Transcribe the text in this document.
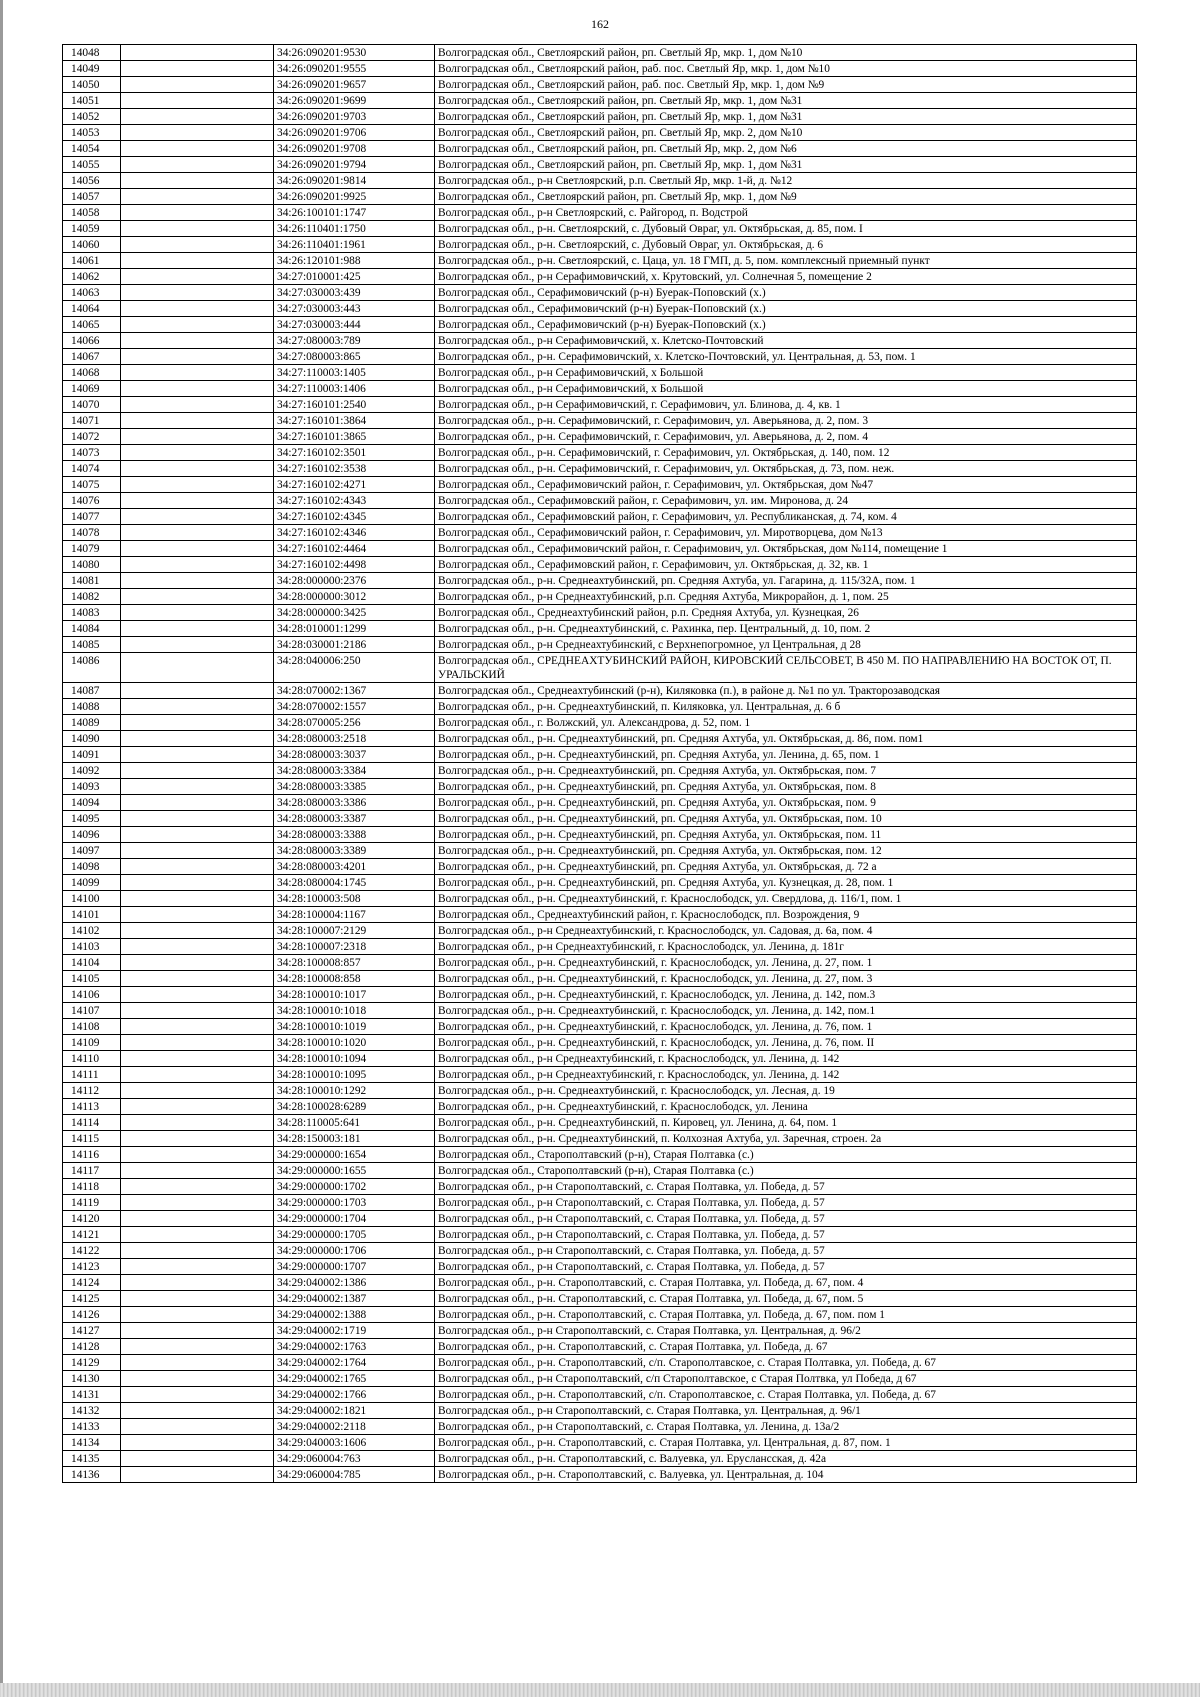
162
14048		34:26:090201:9530	Волгоградская обл., Светлоярский район, рп. Светлый Яр, мкр. 1, дом №10
14049		34:26:090201:9555	Волгоградская обл., Светлоярский район, раб. пос. Светлый Яр, мкр. 1, дом №10
14050		34:26:090201:9657	Волгоградская обл., Светлоярский район, раб. пос. Светлый Яр, мкр. 1, дом №9
14051		34:26:090201:9699	Волгоградская обл., Светлоярский район, рп. Светлый Яр, мкр. 1, дом №31
14052		34:26:090201:9703	Волгоградская обл., Светлоярский район, рп. Светлый Яр, мкр. 1, дом №31
14053		34:26:090201:9706	Волгоградская обл., Светлоярский район, рп. Светлый Яр, мкр. 2, дом №10
14054		34:26:090201:9708	Волгоградская обл., Светлоярский район, рп. Светлый Яр, мкр. 2, дом №6
14055		34:26:090201:9794	Волгоградская обл., Светлоярский район, рп. Светлый Яр, мкр. 1, дом №31
14056		34:26:090201:9814	Волгоградская обл., р-н Светлоярский, р.п. Светлый Яр, мкр. 1-й, д. №12
14057		34:26:090201:9925	Волгоградская обл., Светлоярский район, рп. Светлый Яр, мкр. 1, дом №9
14058		34:26:100101:1747	Волгоградская обл., р-н Светлоярский, с. Райгород, п. Водстрой
14059		34:26:110401:1750	Волгоградская обл., р-н. Светлоярский, с. Дубовый Овраг, ул. Октябрьская, д. 85, пом. I
14060		34:26:110401:1961	Волгоградская обл., р-н. Светлоярский, с. Дубовый Овраг, ул. Октябрьская, д. 6
14061		34:26:120101:988	Волгоградская обл., р-н. Светлоярский, с. Цаца, ул. 18 ГМП, д. 5, пом. комплексный приемный пункт
14062		34:27:010001:425	Волгоградская обл., р-н Серафимовичский, х. Крутовский, ул. Солнечная 5, помещение 2
14063		34:27:030003:439	Волгоградская обл., Серафимовичский (р-н) Буерак-Поповский (х.)
14064		34:27:030003:443	Волгоградская обл., Серафимовичский (р-н) Буерак-Поповский (х.)
14065		34:27:030003:444	Волгоградская обл., Серафимовичский (р-н) Буерак-Поповский (х.)
14066		34:27:080003:789	Волгоградская обл., р-н Серафимовичский, х. Клетско-Почтовский
14067		34:27:080003:865	Волгоградская обл., р-н. Серафимовичский, х. Клетско-Почтовский, ул. Центральная, д. 53, пом. 1
14068		34:27:110003:1405	Волгоградская обл., р-н Серафимовичский, х Большой
14069		34:27:110003:1406	Волгоградская обл., р-н Серафимовичский, х Большой
14070		34:27:160101:2540	Волгоградская обл., р-н Серафимовичский, г. Серафимович, ул. Блинова, д. 4, кв. 1
14071		34:27:160101:3864	Волгоградская обл., р-н. Серафимовичский, г. Серафимович, ул. Аверьянова, д. 2, пом. 3
14072		34:27:160101:3865	Волгоградская обл., р-н. Серафимовичский, г. Серафимович, ул. Аверьянова, д. 2, пом. 4
14073		34:27:160102:3501	Волгоградская обл., р-н. Серафимовичский, г. Серафимович, ул. Октябрьская, д. 140, пом. 12
14074		34:27:160102:3538	Волгоградская обл., р-н. Серафимовичский, г. Серафимович, ул. Октябрьская, д. 73, пом. неж.
14075		34:27:160102:4271	Волгоградская обл., Серафимовичский район, г. Серафимович, ул. Октябрьская, дом №47
14076		34:27:160102:4343	Волгоградская обл., Серафимовский район, г. Серафимович, ул. им. Миронова, д. 24
14077		34:27:160102:4345	Волгоградская обл., Серафимовский район, г. Серафимович, ул. Республиканская, д. 74, ком. 4
14078		34:27:160102:4346	Волгоградская обл., Серафимовичский район, г. Серафимович, ул. Миротворцева, дом №13
14079		34:27:160102:4464	Волгоградская обл., Серафимовичский район, г. Серафимович, ул. Октябрьская, дом №114, помещение 1
14080		34:27:160102:4498	Волгоградская обл., Серафимовский район, г. Серафимович, ул. Октябрьская, д. 32, кв. 1
14081		34:28:000000:2376	Волгоградская обл., р-н. Среднеахтубинский, рп. Средняя Ахтуба, ул. Гагарина, д. 115/32А, пом. 1
14082		34:28:000000:3012	Волгоградская обл., р-н Среднеахтубинский, р.п. Средняя Ахтуба, Микрорайон, д. 1, пом. 25
14083		34:28:000000:3425	Волгоградская обл., Среднеахтубинский район, р.п. Средняя Ахтуба, ул. Кузнецкая, 26
14084		34:28:010001:1299	Волгоградская обл., р-н. Среднеахтубинский, с. Рахинка, пер. Центральный, д. 10, пом. 2
14085		34:28:030001:2186	Волгоградская обл., р-н Среднеахтубинский, с Верхнепогромное, ул Центральная, д 28
14086		34:28:040006:250	Волгоградская обл., СРЕДНЕАХТУБИНСКИЙ РАЙОН, КИРОВСКИЙ СЕЛЬСОВЕТ, В 450 М. ПО НАПРАВЛЕНИЮ НА ВОСТОК ОТ, П. УРАЛЬСКИЙ
14087		34:28:070002:1367	Волгоградская обл., Среднеахтубинский (р-н), Киляковка (п.), в районе д. №1 по ул. Тракторозаводская
14088		34:28:070002:1557	Волгоградская обл., р-н. Среднеахтубинский, п. Киляковка, ул. Центральная, д. 6 б
14089		34:28:070005:256	Волгоградская обл., г. Волжский, ул. Александрова, д. 52, пом. 1
14090		34:28:080003:2518	Волгоградская обл., р-н. Среднеахтубинский, рп. Средняя Ахтуба, ул. Октябрьская, д. 86, пом. пом1
14091		34:28:080003:3037	Волгоградская обл., р-н. Среднеахтубинский, рп. Средняя Ахтуба, ул. Ленина, д. 65, пом. 1
14092		34:28:080003:3384	Волгоградская обл., р-н. Среднеахтубинский, рп. Средняя Ахтуба, ул. Октябрьская, пом. 7
14093		34:28:080003:3385	Волгоградская обл., р-н. Среднеахтубинский, рп. Средняя Ахтуба, ул. Октябрьская, пом. 8
14094		34:28:080003:3386	Волгоградская обл., р-н. Среднеахтубинский, рп. Средняя Ахтуба, ул. Октябрьская, пом. 9
14095		34:28:080003:3387	Волгоградская обл., р-н. Среднеахтубинский, рп. Средняя Ахтуба, ул. Октябрьская, пом. 10
14096		34:28:080003:3388	Волгоградская обл., р-н. Среднеахтубинский, рп. Средняя Ахтуба, ул. Октябрьская, пом. 11
14097		34:28:080003:3389	Волгоградская обл., р-н. Среднеахтубинский, рп. Средняя Ахтуба, ул. Октябрьская, пом. 12
14098		34:28:080003:4201	Волгоградская обл., р-н. Среднеахтубинский, рп. Средняя Ахтуба, ул. Октябрьская, д. 72 а
14099		34:28:080004:1745	Волгоградская обл., р-н. Среднеахтубинский, рп. Средняя Ахтуба, ул. Кузнецкая, д. 28, пом. 1
14100		34:28:100003:508	Волгоградская обл., р-н. Среднеахтубинский, г. Краснослободск, ул. Свердлова, д. 116/1, пом. 1
14101		34:28:100004:1167	Волгоградская обл., Среднеахтубинский район, г. Краснослободск, пл. Возрождения, 9
14102		34:28:100007:2129	Волгоградская обл., р-н Среднеахтубинский, г. Краснослободск, ул. Садовая, д. 6а, пом. 4
14103		34:28:100007:2318	Волгоградская обл., р-н Среднеахтубинский, г. Краснослободск, ул. Ленина, д. 181г
14104		34:28:100008:857	Волгоградская обл., р-н. Среднеахтубинский, г. Краснослободск, ул. Ленина, д. 27, пом. 1
14105		34:28:100008:858	Волгоградская обл., р-н. Среднеахтубинский, г. Краснослободск, ул. Ленина, д. 27, пом. 3
14106		34:28:100010:1017	Волгоградская обл., р-н. Среднеахтубинский, г. Краснослободск, ул. Ленина, д. 142, пом.3
14107		34:28:100010:1018	Волгоградская обл., р-н. Среднеахтубинский, г. Краснослободск, ул. Ленина, д. 142, пом.1
14108		34:28:100010:1019	Волгоградская обл., р-н. Среднеахтубинский, г. Краснослободск, ул. Ленина, д. 76, пом. 1
14109		34:28:100010:1020	Волгоградская обл., р-н. Среднеахтубинский, г. Краснослободск, ул. Ленина, д. 76, пом. II
14110		34:28:100010:1094	Волгоградская обл., р-н Среднеахтубинский, г. Краснослободск, ул. Ленина, д. 142
14111		34:28:100010:1095	Волгоградская обл., р-н Среднеахтубинский, г. Краснослободск, ул. Ленина, д. 142
14112		34:28:100010:1292	Волгоградская обл., р-н. Среднеахтубинский, г. Краснослободск, ул. Лесная, д. 19
14113		34:28:100028:6289	Волгоградская обл., р-н. Среднеахтубинский, г. Краснослободск, ул. Ленина
14114		34:28:110005:641	Волгоградская обл., р-н. Среднеахтубинский, п. Кировец, ул. Ленина, д. 64, пом. 1
14115		34:28:150003:181	Волгоградская обл., р-н. Среднеахтубинский, п. Колхозная Ахтуба, ул. Заречная, строен. 2а
14116		34:29:000000:1654	Волгоградская обл., Старополтавский (р-н), Старая Полтавка (с.)
14117		34:29:000000:1655	Волгоградская обл., Старополтавский (р-н), Старая Полтавка (с.)
14118		34:29:000000:1702	Волгоградская обл., р-н Старополтавский, с. Старая Полтавка, ул. Победа, д. 57
14119		34:29:000000:1703	Волгоградская обл., р-н Старополтавский, с. Старая Полтавка, ул. Победа, д. 57
14120		34:29:000000:1704	Волгоградская обл., р-н Старополтавский, с. Старая Полтавка, ул. Победа, д. 57
14121		34:29:000000:1705	Волгоградская обл., р-н Старополтавский, с. Старая Полтавка, ул. Победа, д. 57
14122		34:29:000000:1706	Волгоградская обл., р-н Старополтавский, с. Старая Полтавка, ул. Победа, д. 57
14123		34:29:000000:1707	Волгоградская обл., р-н Старополтавский, с. Старая Полтавка, ул. Победа, д. 57
14124		34:29:040002:1386	Волгоградская обл., р-н. Старополтавский, с. Старая Полтавка, ул. Победа, д. 67, пом. 4
14125		34:29:040002:1387	Волгоградская обл., р-н. Старополтавский, с. Старая Полтавка, ул. Победа, д. 67, пом. 5
14126		34:29:040002:1388	Волгоградская обл., р-н. Старополтавский, с. Старая Полтавка, ул. Победа, д. 67, пом. пом 1
14127		34:29:040002:1719	Волгоградская обл., р-н Старополтавский, с. Старая Полтавка, ул. Центральная, д. 96/2
14128		34:29:040002:1763	Волгоградская обл., р-н. Старополтавский, с. Старая Полтавка, ул. Победа, д. 67
14129		34:29:040002:1764	Волгоградская обл., р-н. Старополтавский, с/п. Старополтавское, с. Старая Полтавка, ул. Победа, д. 67
14130		34:29:040002:1765	Волгоградская обл., р-н Старополтавский, с/п Старополтавское, с Старая Полтвка, ул Победа, д 67
14131		34:29:040002:1766	Волгоградская обл., р-н. Старополтавский, с/п. Старополтавское, с. Старая Полтавка, ул. Победа, д. 67
14132		34:29:040002:1821	Волгоградская обл., р-н Старополтавский, с. Старая Полтавка, ул. Центральная, д. 96/1
14133		34:29:040002:2118	Волгоградская обл., р-н Старополтавский, с. Старая Полтавка, ул. Ленина, д. 13а/2
14134		34:29:040003:1606	Волгоградская обл., р-н. Старополтавский, с. Старая Полтавка, ул. Центральная, д. 87, пом. 1
14135		34:29:060004:763	Волгоградская обл., р-н. Старополтавский, с. Валуевка, ул. Еруслансская, д. 42а
14136		34:29:060004:785	Волгоградская обл., р-н. Старополтавский, с. Валуевка, ул. Центральная, д. 104
